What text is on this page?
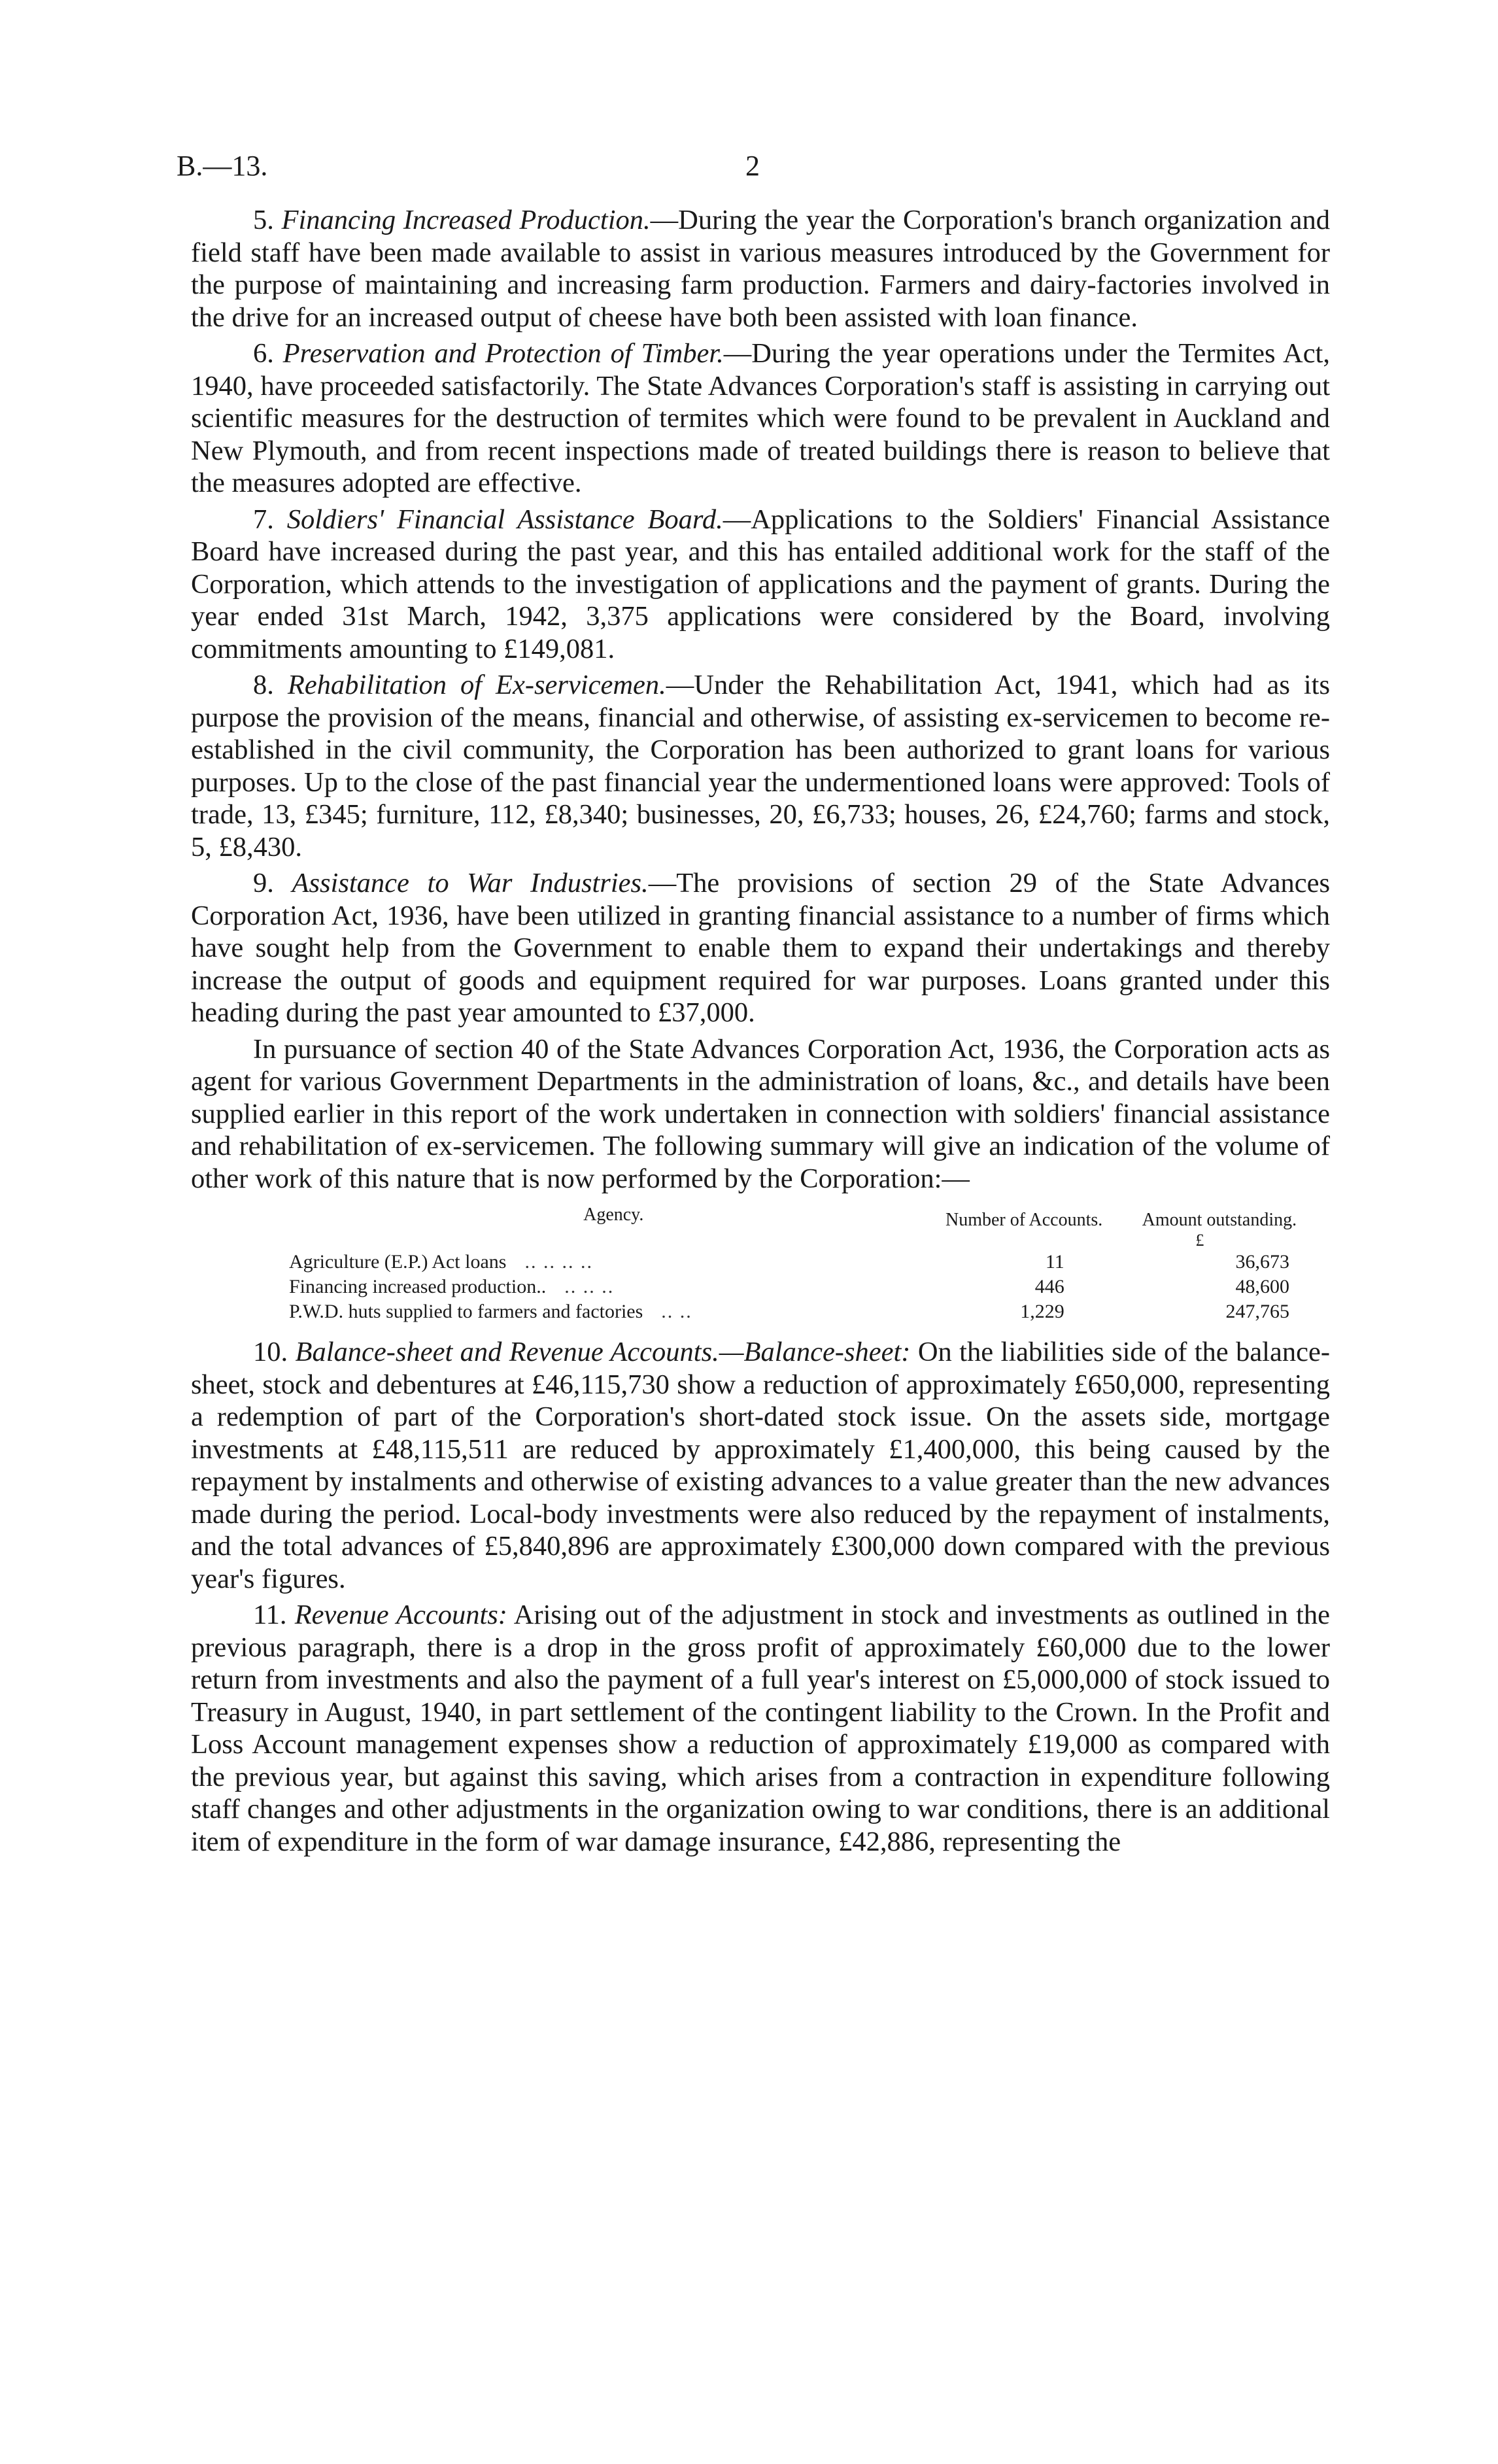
B.—13.	2

5. Financing Increased Production.—During the year the Corporation's branch organization and field staff have been made available to assist in various measures introduced by the Government for the purpose of maintaining and increasing farm production. Farmers and dairy-factories involved in the drive for an increased output of cheese have both been assisted with loan finance.

6. Preservation and Protection of Timber.—During the year operations under the Termites Act, 1940, have proceeded satisfactorily. The State Advances Corporation's staff is assisting in carrying out scientific measures for the destruction of termites which were found to be prevalent in Auckland and New Plymouth, and from recent inspections made of treated buildings there is reason to believe that the measures adopted are effective.

7. Soldiers' Financial Assistance Board.—Applications to the Soldiers' Financial Assistance Board have increased during the past year, and this has entailed additional work for the staff of the Corporation, which attends to the investigation of applications and the payment of grants. During the year ended 31st March, 1942, 3,375 applications were considered by the Board, involving commitments amounting to £149,081.

8. Rehabilitation of Ex-servicemen.—Under the Rehabilitation Act, 1941, which had as its purpose the provision of the means, financial and otherwise, of assisting ex-servicemen to become re-established in the civil community, the Corporation has been authorized to grant loans for various purposes. Up to the close of the past financial year the undermentioned loans were approved: Tools of trade, 13, £345; furniture, 112, £8,340; businesses, 20, £6,733; houses, 26, £24,760; farms and stock, 5, £8,430.

9. Assistance to War Industries.—The provisions of section 29 of the State Advances Corporation Act, 1936, have been utilized in granting financial assistance to a number of firms which have sought help from the Government to enable them to expand their undertakings and thereby increase the output of goods and equipment required for war purposes. Loans granted under this heading during the past year amounted to £37,000.

In pursuance of section 40 of the State Advances Corporation Act, 1936, the Corporation acts as agent for various Government Departments in the administration of loans, &c., and details have been supplied earlier in this report of the work undertaken in connection with soldiers' financial assistance and rehabilitation of ex-servicemen. The following summary will give an indication of the volume of other work of this nature that is now performed by the Corporation:—

Agency.	Number of Accounts.	Amount outstanding.
		£
Agriculture (E.P.) Act loans .. .. .. ..	11	36,673
Financing increased production.. .. .. ..	446	48,600
P.W.D. huts supplied to farmers and factories .. ..	1,229	247,765

10. Balance-sheet and Revenue Accounts.—Balance-sheet: On the liabilities side of the balance-sheet, stock and debentures at £46,115,730 show a reduction of approximately £650,000, representing a redemption of part of the Corporation's short-dated stock issue. On the assets side, mortgage investments at £48,115,511 are reduced by approximately £1,400,000, this being caused by the repayment by instalments and otherwise of existing advances to a value greater than the new advances made during the period. Local-body investments were also reduced by the repayment of instalments, and the total advances of £5,840,896 are approximately £300,000 down compared with the previous year's figures.

11. Revenue Accounts: Arising out of the adjustment in stock and investments as outlined in the previous paragraph, there is a drop in the gross profit of approximately £60,000 due to the lower return from investments and also the payment of a full year's interest on £5,000,000 of stock issued to Treasury in August, 1940, in part settlement of the contingent liability to the Crown. In the Profit and Loss Account management expenses show a reduction of approximately £19,000 as compared with the previous year, but against this saving, which arises from a contraction in expenditure following staff changes and other adjustments in the organization owing to war conditions, there is an additional item of expenditure in the form of war damage insurance, £42,886, representing the
